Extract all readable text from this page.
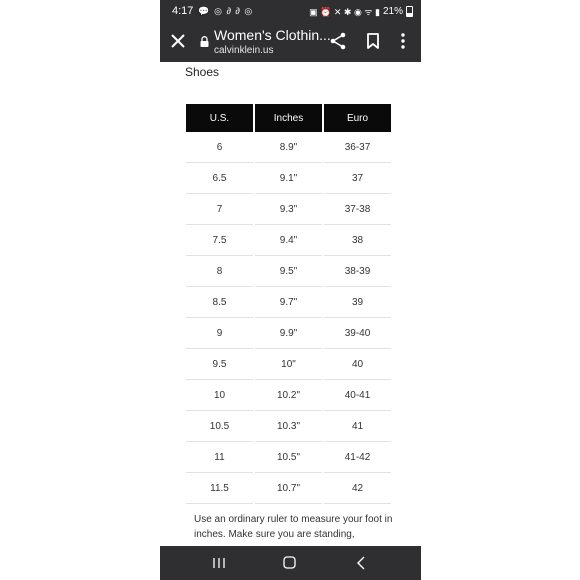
4:17 💬 ◎ ∂ ∂ ◎	▣ ⏰ ✕ ✱ ◉ ᯤ ▮ 21%
Women's Clothin...
calvinklein.us
Shoes
U.S.	Inches	Euro
6	8.9"	36-37
6.5	9.1"	37
7	9.3"	37-38
7.5	9.4"	38
8	9.5"	38-39
8.5	9.7"	39
9	9.9"	39-40
9.5	10"	40
10	10.2"	40-41
10.5	10.3"	41
11	10.5"	41-42
11.5	10.7"	42
Use an ordinary ruler to measure your foot in inches. Make sure you are standing,
